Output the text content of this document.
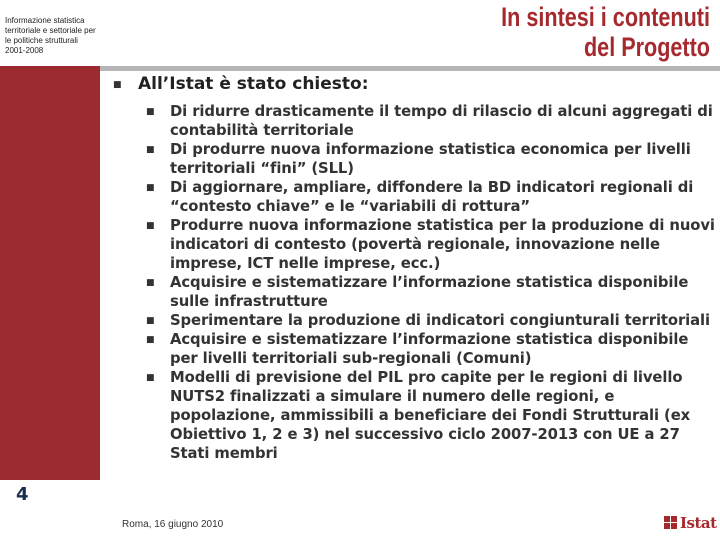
Informazione statistica territoriale e settoriale per le politiche strutturali 2001-2008
In sintesi i contenuti
del Progetto
■ All’Istat è stato chiesto:
■ Di ridurre drasticamente il tempo di rilascio di alcuni aggregati di contabilità territoriale
■ Di produrre nuova informazione statistica economica per livelli territoriali “fini” (SLL)
■ Di aggiornare, ampliare, diffondere la BD indicatori regionali di “contesto chiave” e le “variabili di rottura”
■ Produrre nuova informazione statistica per la produzione di nuovi indicatori di contesto (povertà regionale, innovazione nelle imprese, ICT nelle imprese, ecc.)
■ Acquisire e sistematizzare l’informazione statistica disponibile sulle infrastrutture
■ Sperimentare la produzione di indicatori congiunturali territoriali
■ Acquisire e sistematizzare l’informazione statistica disponibile per livelli territoriali sub-regionali (Comuni)
■ Modelli di previsione del PIL pro capite per le regioni di livello NUTS2 finalizzati a simulare il numero delle regioni, e popolazione, ammissibili a beneficiare dei Fondi Strutturali (ex Obiettivo 1, 2 e 3) nel successivo ciclo 2007-2013 con UE a 27 Stati membri
4
Roma, 16 giugno 2010	Istat
